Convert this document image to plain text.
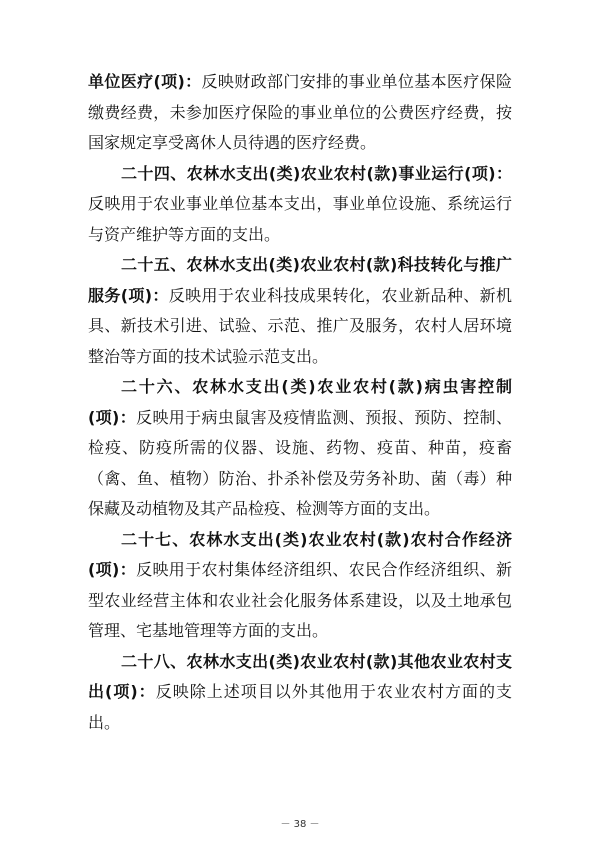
单位医疗(项)：反映财政部门安排的事业单位基本医疗保险缴费经费，未参加医疗保险的事业单位的公费医疗经费，按国家规定享受离休人员待遇的医疗经费。

二十四、农林水支出(类)农业农村(款)事业运行(项)：反映用于农业事业单位基本支出，事业单位设施、系统运行与资产维护等方面的支出。

二十五、农林水支出(类)农业农村(款)科技转化与推广服务(项)：反映用于农业科技成果转化，农业新品种、新机具、新技术引进、试验、示范、推广及服务，农村人居环境整治等方面的技术试验示范支出。

二十六、农林水支出(类)农业农村(款)病虫害控制(项)：反映用于病虫鼠害及疫情监测、预报、预防、控制、检疫、防疫所需的仪器、设施、药物、疫苗、种苗，疫畜（禽、鱼、植物）防治、扑杀补偿及劳务补助、菌（毒）种保藏及动植物及其产品检疫、检测等方面的支出。

二十七、农林水支出(类)农业农村(款)农村合作经济(项)：反映用于农村集体经济组织、农民合作经济组织、新型农业经营主体和农业社会化服务体系建设，以及土地承包管理、宅基地管理等方面的支出。

二十八、农林水支出(类)农业农村(款)其他农业农村支出(项)：反映除上述项目以外其他用于农业农村方面的支出。

－ 38 －
